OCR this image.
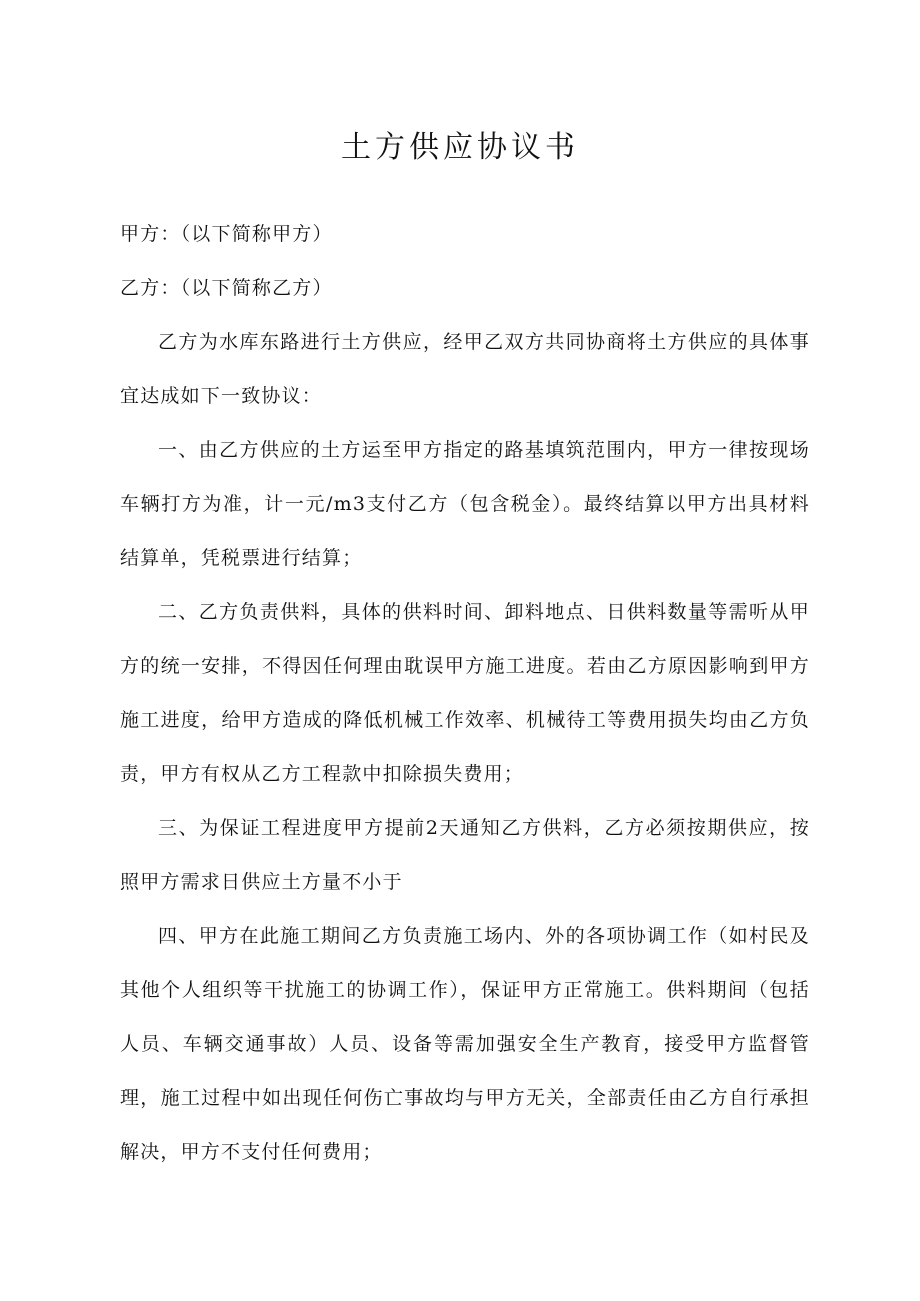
土方供应协议书

甲方：（以下简称甲方）

乙方：（以下简称乙方）

乙方为水库东路进行土方供应，经甲乙双方共同协商将土方供应的具体事宜达成如下一致协议：

一、由乙方供应的土方运至甲方指定的路基填筑范围内，甲方一律按现场车辆打方为准，计一元/m3支付乙方（包含税金）。最终结算以甲方出具材料结算单，凭税票进行结算；

二、乙方负责供料，具体的供料时间、卸料地点、日供料数量等需听从甲方的统一安排，不得因任何理由耽误甲方施工进度。若由乙方原因影响到甲方施工进度，给甲方造成的降低机械工作效率、机械待工等费用损失均由乙方负责，甲方有权从乙方工程款中扣除损失费用；

三、为保证工程进度甲方提前2天通知乙方供料，乙方必须按期供应，按照甲方需求日供应土方量不小于

四、甲方在此施工期间乙方负责施工场内、外的各项协调工作（如村民及其他个人组织等干扰施工的协调工作），保证甲方正常施工。供料期间（包括人员、车辆交通事故）人员、设备等需加强安全生产教育，接受甲方监督管理，施工过程中如出现任何伤亡事故均与甲方无关，全部责任由乙方自行承担解决，甲方不支付任何费用；
